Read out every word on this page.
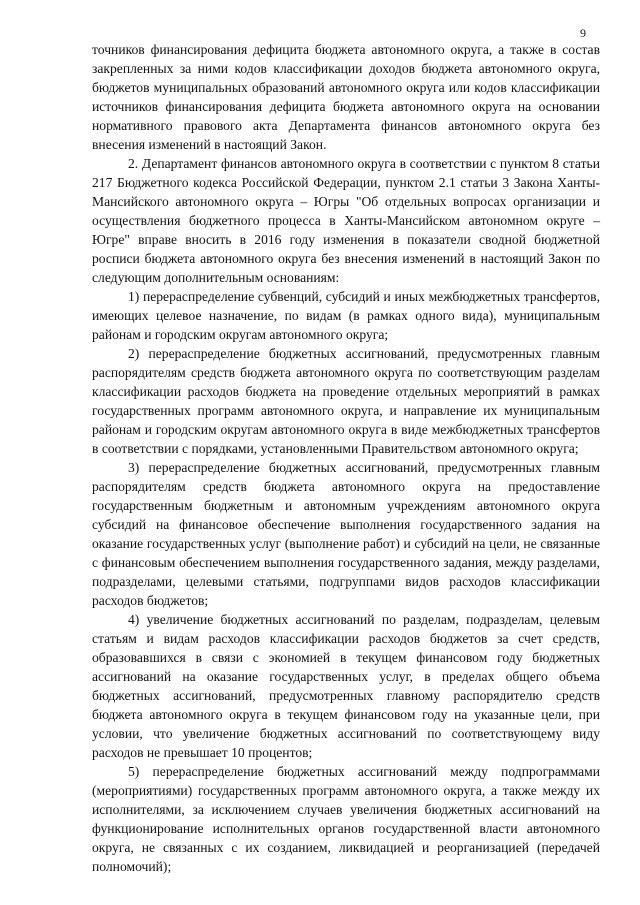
9

точников финансирования дефицита бюджета автономного округа, а также в состав закрепленных за ними кодов классификации доходов бюджета автономного округа, бюджетов муниципальных образований автономного округа или кодов классификации источников финансирования дефицита бюджета автономного округа на основании нормативного правового акта Департамента финансов автономного округа без внесения изменений в настоящий Закон.

2. Департамент финансов автономного округа в соответствии с пунктом 8 статьи 217 Бюджетного кодекса Российской Федерации, пунктом 2.1 статьи 3 Закона Ханты-Мансийского автономного округа – Югры "Об отдельных вопросах организации и осуществления бюджетного процесса в Ханты-Мансийском автономном округе – Югре" вправе вносить в 2016 году изменения в показатели сводной бюджетной росписи бюджета автономного округа без внесения изменений в настоящий Закон по следующим дополнительным основаниям:

1) перераспределение субвенций, субсидий и иных межбюджетных трансфертов, имеющих целевое назначение, по видам (в рамках одного вида), муниципальным районам и городским округам автономного округа;

2) перераспределение бюджетных ассигнований, предусмотренных главным распорядителям средств бюджета автономного округа по соответствующим разделам классификации расходов бюджета на проведение отдельных мероприятий в рамках государственных программ автономного округа, и направление их муниципальным районам и городским округам автономного округа в виде межбюджетных трансфертов в соответствии с порядками, установленными Правительством автономного округа;

3) перераспределение бюджетных ассигнований, предусмотренных главным распорядителям средств бюджета автономного округа на предоставление государственным бюджетным и автономным учреждениям автономного округа субсидий на финансовое обеспечение выполнения государственного задания на оказание государственных услуг (выполнение работ) и субсидий на цели, не связанные с финансовым обеспечением выполнения государственного задания, между разделами, подразделами, целевыми статьями, подгруппами видов расходов классификации расходов бюджетов;

4) увеличение бюджетных ассигнований по разделам, подразделам, целевым статьям и видам расходов классификации расходов бюджетов за счет средств, образовавшихся в связи с экономией в текущем финансовом году бюджетных ассигнований на оказание государственных услуг, в пределах общего объема бюджетных ассигнований, предусмотренных главному распорядителю средств бюджета автономного округа в текущем финансовом году на указанные цели, при условии, что увеличение бюджетных ассигнований по соответствующему виду расходов не превышает 10 процентов;

5) перераспределение бюджетных ассигнований между подпрограммами (мероприятиями) государственных программ автономного округа, а также между их исполнителями, за исключением случаев увеличения бюджетных ассигнований на функционирование исполнительных органов государственной власти автономного округа, не связанных с их созданием, ликвидацией и реорганизацией (передачей полномочий);
